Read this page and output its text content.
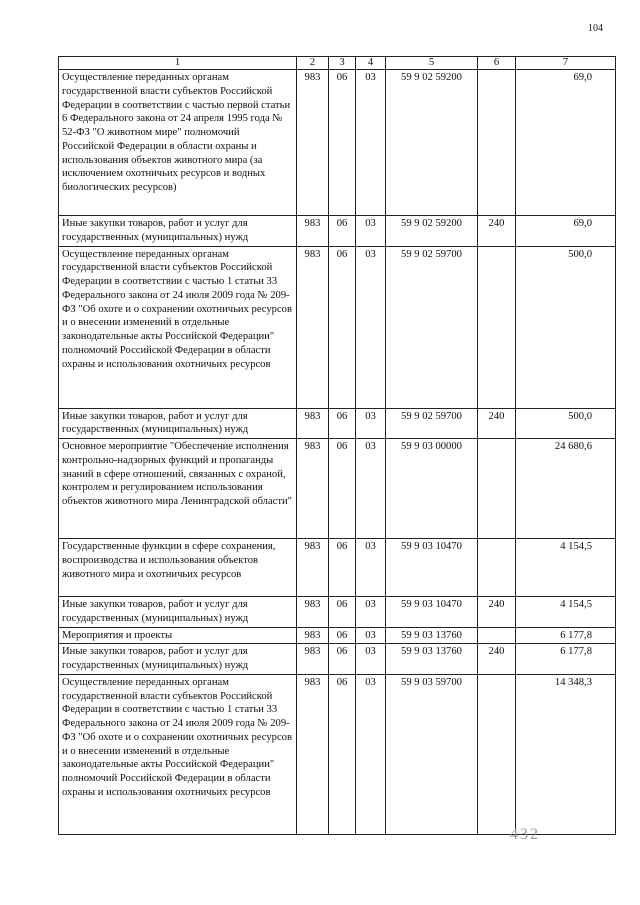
104
1	2	3	4	5	6	7
Осуществление переданных органам государственной власти субъектов Российской Федерации в соответствии с частью первой статьи 6 Федерального закона от 24 апреля 1995 года № 52-ФЗ "О животном мире" полномочий Российской Федерации в области охраны и использования объектов животного мира (за исключением охотничьих ресурсов и водных биологических ресурсов)	983	06	03	59 9 02 59200		69,0
Иные закупки товаров, работ и услуг для государственных (муниципальных) нужд	983	06	03	59 9 02 59200	240	69,0
Осуществление переданных органам государственной власти субъектов Российской Федерации в соответствии с частью 1 статьи 33 Федерального закона от 24 июля 2009 года № 209-ФЗ "Об охоте и о сохранении охотничьих ресурсов и о внесении изменений в отдельные законодательные акты Российской Федерации" полномочий Российской Федерации в области охраны и использования охотничьих ресурсов	983	06	03	59 9 02 59700		500,0
Иные закупки товаров, работ и услуг для государственных (муниципальных) нужд	983	06	03	59 9 02 59700	240	500,0
Основное мероприятие "Обеспечение исполнения контрольно-надзорных функций и пропаганды знаний в сфере отношений, связанных с охраной, контролем и регулированием использования объектов животного мира Ленинградской области"	983	06	03	59 9 03 00000		24 680,6
Государственные функции в сфере сохранения, воспроизводства и использования объектов животного мира и охотничьих ресурсов	983	06	03	59 9 03 10470		4 154,5
Иные закупки товаров, работ и услуг для государственных (муниципальных) нужд	983	06	03	59 9 03 10470	240	4 154,5
Мероприятия и проекты	983	06	03	59 9 03 13760		6 177,8
Иные закупки товаров, работ и услуг для государственных (муниципальных) нужд	983	06	03	59 9 03 13760	240	6 177,8
Осуществление переданных органам государственной власти субъектов Российской Федерации в соответствии с частью 1 статьи 33 Федерального закона от 24 июля 2009 года № 209-ФЗ "Об охоте и о сохранении охотничьих ресурсов и о внесении изменений в отдельные законодательные акты Российской Федерации" полномочий Российской Федерации в области охраны и использования охотничьих ресурсов	983	06	03	59 9 03 59700		14 348,3
432
